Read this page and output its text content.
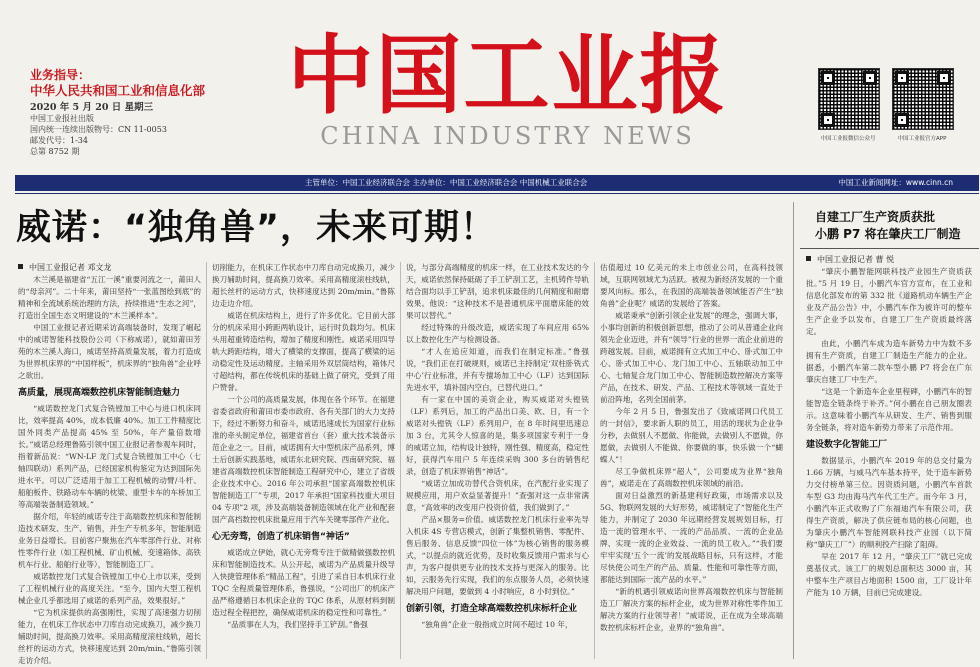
业务指导：
中华人民共和国工业和信息化部
2020 年 5 月 20 日 星期三
中国工业报社出版
国内统一连续出版物号：CN 11-0053
邮发代号：1-34
总第 8752 期
中国工业报
CHINA INDUSTRY NEWS	中国工业报微信公众号	中国工业报官方APP
主管单位：中国工业经济联合会 主办单位：中国工业经济联合会 中国机械工业联合会	中国工业新闻网址：www.cinn.cn
威诺：“独角兽”，未来可期！

中国工业报记者 邓文龙

木兰溪是福建省“五江一溪”重要河流之一，莆田人的“母亲河”。二十年来，莆田坚持“一张蓝图绘到底”的精神和全流域系统治理的方法，持续推进“生态之河”，打造出全国生态文明建设的“木兰溪样本”。

中国工业报记者近期采访高端装备时，发现了崛起中的威诺智能科技股份公司（下称威诺），就如莆田芳苑的木兰溪人海口，威诺坚持高质量发展，着力打造成为世界机床界的“中国样板”，机床界的“独角兽”企业呼之欲出。

高质量，展现高端数控机床智能制造魅力

“威诺数控龙门式复合铣镗加工中心与进口机床同比，效率提高 40%，成本低廉 40%。加工工件精度比国外同类产品提高 45% 至 50%，年产量倍数增长。”威诺总经理鲁陈引领中国工业报记者参观车间时，指着新品说：“WN-LF 龙门式复合铣镗加工中心（七轴四联动）系列产品，已经国家机构鉴定为达到国际先进水平。可以广泛适用于加工工程机械的动臂/斗杆、船舶板件、铁路动车车辆的枕梁、重型卡车的车桥加工等高端装备制造领域。”

据介绍，年轻的威诺专注于高端数控机床和智能制造技术研发、生产、销售，并生产专机多年，智能制造业务日益增长。目前客户聚焦在汽车零部件行业、对称性零件行业（如工程机械、矿山机械、变速箱体、高铁机车行业、船舶行业等），智能制造工厂。

威诺数控龙门式复合铣镗加工中心上市以来，受到了工程机械行业的高度关注。“至今，国内大型工程机械企业几乎都选用了威诺的系列产品，效果很好。”

“它为机床提供的高强刚性，实现了高速强力切削能力，在机床工作状态中刀库自动完成换刀，减少换刀辅助时间，提高换刀效率。采用高精度滚柱线轨，超长丝杆的运动方式，快移速度达到 20m/min。”鲁陈引领走访介绍。

切削能力，在机床工作状态中刀库自动完成换刀，减少换刀辅助时间，提高换刀效率。采用高精度滚柱线轨，超长丝杆的运动方式，快移速度达到 20m/min。”鲁陈边走边介绍。

威诺在机床结构上，进行了许多优化。它目前大部分的机床采用小跨距两轨设计，运行时负载均匀。机床头用超重铸造结构，增加了精度和刚性。威诺采用四导轨大跨距结构，增大了横梁的支撑面，提高了横梁的运动稳定性及运动精度。主轴采用外双层筒结构，箱体尺寸超结构，都在传统机床的基础上做了研究，受到了用户赞誉。

一个公司的高质量发展，体现在各个环节。在福建省委省政府和莆田市委市政府、各有关部门的大力支持下，经过不断努力和奋斗，威诺迅速成长为国家行业标准的牵头制定单位，福建省首台（套）重大技术装备示范企业之一。目前，威诺拥有大中型机床产品系列，博士后创新实践基地，威诺东北研究院、西南研究院、福建省高端数控机床智能制造工程研究中心，建立了省级企业技术中心。2016 年公司承担“国家高端数控机床智能制造工厂”专项，2017 年承担“国家科技重大项目 04 专项”2 项，涉及高端装备制造领域在化产业和配套国产高档数控机床批量应用于汽车关键零部件产业化。

心无旁骛，创造了机床销售“神话”

威诺成立伊始，就心无旁骛专注于做精做强数控机床和智能制造技术。从公开起，威诺为产品质量升级导入快捷管理体系“精品工程”，引进了采自日本机床行业 TQC 全程质量管理体系，鲁强说，“公司出厂的机床产品严格遵循日本机床企业的 TQC 体系，从原材料到制造过程全程把控，确保威诺机床的稳定性和可靠性。”

“品质事在人为，我们坚持手工铲刮。”鲁强

说，与部分高端精度的机床一样，在工业技术发达的今天，威诺依然保持砥砺了手工铲刮工艺，主机铸件导轨结合面均以手工铲刮，追求机床最佳的几何精度和耐磨效果。他说：“这种技术不是普通机床平面磨床能的效果可以替代。”

经过特殊的升级改造，威诺实现了车间应用 65%以上数控化生产与检测设备。

“才人在追应知道，而我们在制定标准。”鲁强说，“我们正在打破规则，威诺已主持制定‘双柱卧铣式中心’行业标准，并有专擅场加工中心（LF）达到国际先进水平，填补国内空白，已替代进口。”

有一家在中国的美资企业，购买威诺对头镗铣（LF）系列后，加工的产品出口美、欧、日，有一个威诺对头镗铣（LF）系列用户，在 8 年时间里迅速总加 3 台，尤其令人惊喜的是，集多项国家专利于一身的威诺立加，结构设计独特，刚性强、精度高，稳定性好，获得汽车用户 5 年连续采购 300 多台的销售纪录，创造了机床界销售“神话”。

“威诺立加成功替代合资机床，在汽配行业实现了规模应用，用户欢益显著提升！”查强对这一点非常满意，“高效率的改变用户投资价值，我们做到了。”

产品×服务=价值。威诺数控龙门机床行业率先导入机床 4S 专营店模式，创新了集整机销售、零配件、售后服务、信息反馈“四位一体”为核心销售的服务模式，“以提点的就近优势，及时收集反馈用户需求与心声，为客户提供更专业的技术支持与更深入的服务。比如，云服务先行实现，我们的东点服务人员，必须快速解决用户问题，要做到 4 小时响应，8 小时到位。”

创新引领，打造全球高端数控机床标杆企业

“独角兽”企业一般指成立时间不超过 10 年，

估值超过 10 亿美元的未上市创业公司，在高科技领域，互联网领域尤为活跃。被视为新经济发展的一个重要风向标。那么，在我国的高端装备领域能否产生“独角兽”企业呢？威诺的发展给了答案。

威诺秉承“创新引领企业发展”的理念，强调大事，小事均创新的积极创新思想，推动了公司从普通企业向领先企业迈进，并有“领导”行业的世界一流企业前进的跨越发展。目前，威诺拥有立式加工中心、卧式加工中心、卧式加工中心、龙门加工中心、五轴联动加工中心、七轴复合龙门加工中心、智能制造数控解决方案等产品，在技术、研发、产品、工程技术等领域一直处于前沿阵地，名列全国前茅。

今年 2 月 5 日，鲁强发出了《致威诺网口代员工的一封信》，要求新人职的员工，用活的现状为企业争分秒，去做别人不愿做、你能做，去做别人不愿做，你愿做，去做别人不能做、你要做的事，快乐做一个“蝴蝶人”！

尽工争做机床界“超人”，公司要成为业界“独角兽”，威诺走在了高端数控机床领域的前沿。

面对日益激烈的新基建利好政策，市场需求以及 5G、物联网发展的大好形势，威诺制定了“智能化生产能力，并制定了 2030 年远期经营发展规划目标，打造一流的管理水平、一流的产品品质、一流的企业品牌、实现一流的企业效益、一流的员工收入。”“我们要牢牢实现‘五个一流’的发展战略目标，只有这样，才能尽快使公司生产的产品、质量、性能和可靠性等方面，都能达到国际一流产品的水平。”

“新的机遇引领威诺向世界高端数控机床与智能制造工厂解决方案的标杆企业，成为世界对称性零件加工解决方案的行业领导者！”威诺说，正在成为全球高端数控机床标杆企业，业界的“独角兽”。

自建工厂生产资质获批
小鹏 P7 将在肇庆工厂制造

中国工业报记者 曹 悦

“肇庆小鹏智能网联科技产业园生产资质获批。”5 月 19 日，小鹏汽车官方宣布，在工业和信息化部发布的第 332 批《道路机动车辆生产企业及产品公告》中，小鹏汽车作为被许可的整车生产企业予以发布，自建工厂生产资质最终落定。

由此，小鹏汽车成为造车新势力中为数不多拥有生产资质，自建工厂制造生产能力的企业。据悉，小鹏汽车第二款车型小鹏 P7 将会在广东肇庆自建工厂中生产。

“这是一个新造车企业里程碑，小鹏汽车的智能智造全链条终于补齐。”何小鹏在自己朋友圈表示。这意味着小鹏汽车从研发、生产、销售到服务全链条，将对造车新势力带来了示范作用。

建设数字化智能工厂

数据显示，小鹏汽车 2019 年的总交付量为 1.66 万辆，与威马汽车基本持平，处于造车新势力交付榜单第三位。因资质问题，小鹏汽车首款车型 G3 均由海马汽车代工生产。而今年 3 月，小鹏汽车正式收购了广东福迪汽车有限公司，获得生产资质，解决了供应链布局的核心问题，也为肇庆小鹏汽车智能网联科技产业园（以下简称“肇庆工厂”）的顺利投产扫除了阻碍。

早在 2017 年 12 月，“肇庆工厂”就已完成奠基仪式。该工厂的规划总面积达 3000 亩，其中整车生产项目占地面积 1500 亩，工厂设计年产能为 10 万辆，目前已完成建设。
